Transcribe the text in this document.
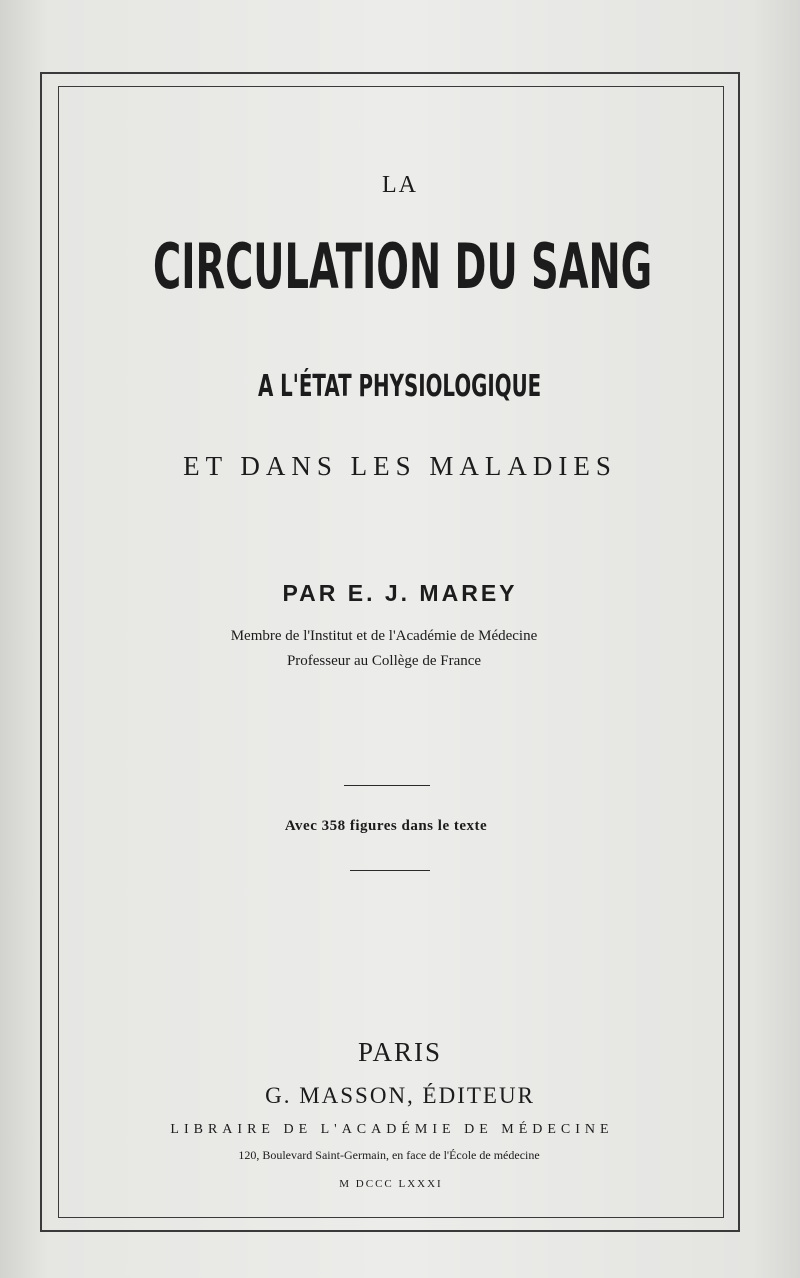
LA
CIRCULATION DU SANG
A L'ÉTAT PHYSIOLOGIQUE
ET DANS LES MALADIES
PAR E. J. MAREY
Membre de l'Institut et de l'Académie de Médecine
Professeur au Collège de France
Avec 358 figures dans le texte
PARIS
G. MASSON, ÉDITEUR
LIBRAIRE DE L'ACADÉMIE DE MÉDECINE
120, Boulevard Saint-Germain, en face de l'École de médecine
M DCCC LXXXI
